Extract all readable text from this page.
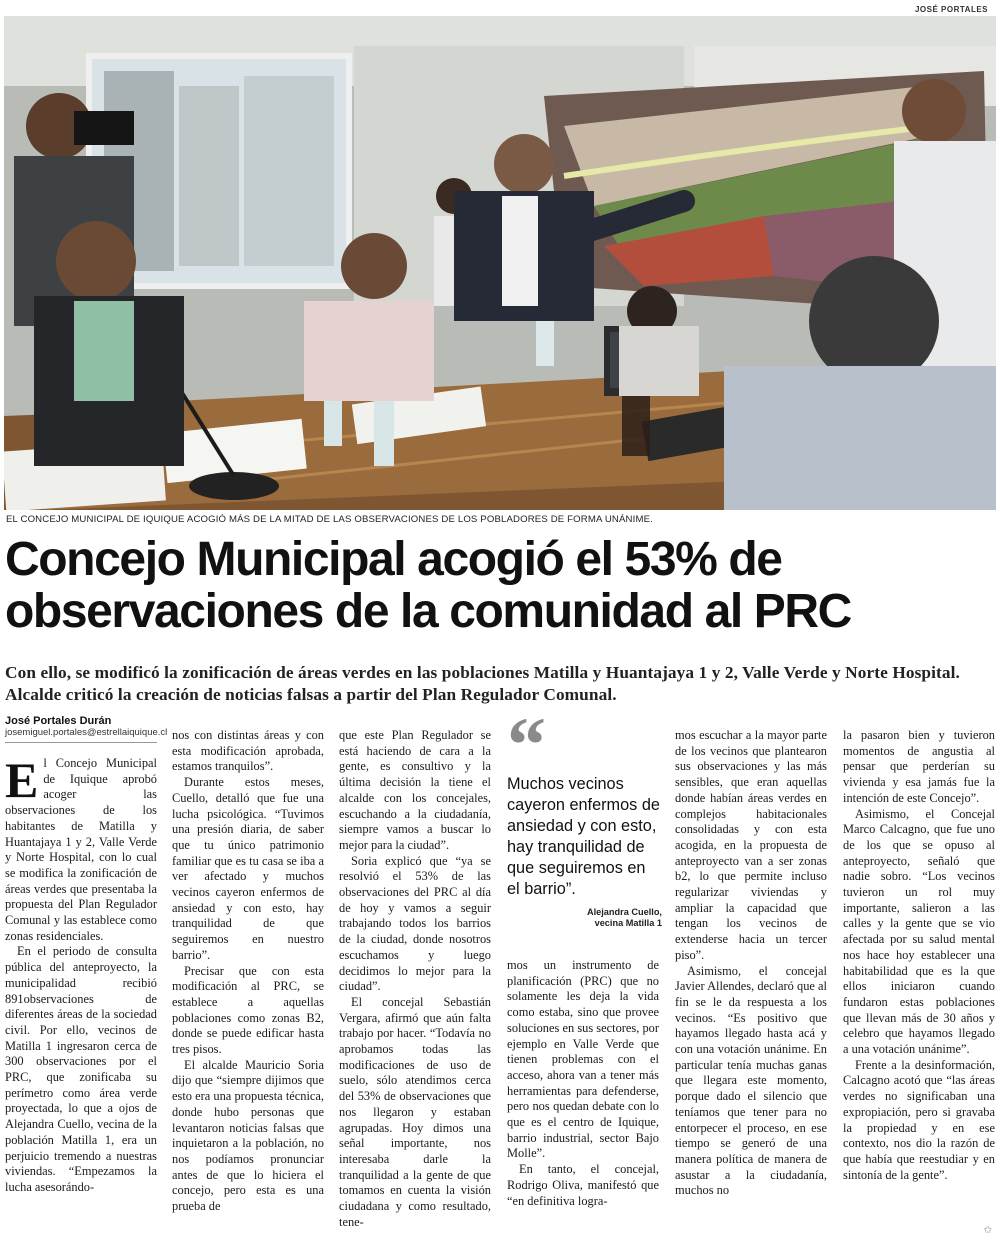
JOSÉ PORTALES
EL CONCEJO MUNICIPAL DE IQUIQUE ACOGIÓ MÁS DE LA MITAD DE LAS OBSERVACIONES DE LOS POBLADORES DE FORMA UNÁNIME.
Concejo Municipal acogió el 53% de
observaciones de la comunidad al PRC

Con ello, se modificó la zonificación de áreas verdes en las poblaciones Matilla y Huantajaya 1 y 2, Valle Verde y Norte Hospital. Alcalde criticó la creación de noticias falsas a partir del Plan Regulador Comunal.

José Portales Durán
josemiguel.portales@estrellaiquique.cl

El Concejo Municipal de Iquique aprobó acoger las observaciones de los habitantes de Matilla y Huantajaya 1 y 2, Valle Verde y Norte Hospital, con lo cual se modifica la zonificación de áreas verdes que presentaba la propuesta del Plan Regulador Comunal y las establece como zonas residenciales.

En el periodo de consulta pública del anteproyecto, la municipalidad recibió 891observaciones de diferentes áreas de la sociedad civil. Por ello, vecinos de Matilla 1 ingresaron cerca de 300 observaciones por el PRC, que zonificaba su perímetro como área verde proyectada, lo que a ojos de Alejandra Cuello, vecina de la población Matilla 1, era un perjuicio tremendo a nuestras viviendas. “Empezamos la lucha asesorándo-

nos con distintas áreas y con esta modificación aprobada, estamos tranquilos”.

Durante estos meses, Cuello, detalló que fue una lucha psicológica. “Tuvimos una presión diaria, de saber que tu único patrimonio familiar que es tu casa se iba a ver afectado y muchos vecinos cayeron enfermos de ansiedad y con esto, hay tranquilidad de que seguiremos en nuestro barrio”.

Precisar que con esta modificación al PRC, se establece a aquellas poblaciones como zonas B2, donde se puede edificar hasta tres pisos.

El alcalde Mauricio Soria dijo que “siempre dijimos que esto era una propuesta técnica, donde hubo personas que levantaron noticias falsas que inquietaron a la población, no nos podíamos pronunciar antes de que lo hiciera el concejo, pero esta es una prueba de

que este Plan Regulador se está haciendo de cara a la gente, es consultivo y la última decisión la tiene el alcalde con los concejales, escuchando a la ciudadanía, siempre vamos a buscar lo mejor para la ciudad”.

Soria explicó que “ya se resolvió el 53% de las observaciones del PRC al día de hoy y vamos a seguir trabajando todos los barrios de la ciudad, donde nosotros escuchamos y luego decidimos lo mejor para la ciudad”.

El concejal Sebastián Vergara, afirmó que aún falta trabajo por hacer. “Todavía no aprobamos todas las modificaciones de uso de suelo, sólo atendimos cerca del 53% de observaciones que nos llegaron y estaban agrupadas. Hoy dimos una señal importante, nos interesaba darle la tranquilidad a la gente de que tomamos en cuenta la visión ciudadana y como resultado, tene-

“
Muchos vecinos cayeron enfermos de ansiedad y con esto, hay tranquilidad de que seguiremos en el barrio”.
Alejandra Cuello,
vecina Matilla 1

mos un instrumento de planificación (PRC) que no solamente les deja la vida como estaba, sino que provee soluciones en sus sectores, por ejemplo en Valle Verde que tienen problemas con el acceso, ahora van a tener más herramientas para defenderse, pero nos quedan debate con lo que es el centro de Iquique, barrio industrial, sector Bajo Molle”.

En tanto, el concejal, Rodrigo Oliva, manifestó que “en definitiva logra-

mos escuchar a la mayor parte de los vecinos que plantearon sus observaciones y las más sensibles, que eran aquellas donde habían áreas verdes en complejos habitacionales consolidadas y con esta acogida, en la propuesta de anteproyecto van a ser zonas b2, lo que permite incluso regularizar viviendas y ampliar la capacidad que tengan los vecinos de extenderse hacia un tercer piso”.

Asimismo, el concejal Javier Allendes, declaró que al fin se le da respuesta a los vecinos. “Es positivo que hayamos llegado hasta acá y con una votación unánime. En particular tenía muchas ganas que llegara este momento, porque dado el silencio que teníamos que tener para no entorpecer el proceso, en ese tiempo se generó de una manera política de manera de asustar a la ciudadanía, muchos no

la pasaron bien y tuvieron momentos de angustia al pensar que perderían su vivienda y esa jamás fue la intención de este Concejo”.

Asimismo, el Concejal Marco Calcagno, que fue uno de los que se opuso al anteproyecto, señaló que nadie sobro. “Los vecinos tuvieron un rol muy importante, salieron a las calles y la gente que se vio afectada por su salud mental nos hace hoy establecer una habitabilidad que es la que ellos iniciaron cuando fundaron estas poblaciones que llevan más de 30 años y celebro que hayamos llegado a una votación unánime”.

Frente a la desinformación, Calcagno acotó que “las áreas verdes no significaban una expropiación, pero si gravaba la propiedad y en ese contexto, nos dio la razón de que había que reestudiar y en sintonía de la gente”.

✩
